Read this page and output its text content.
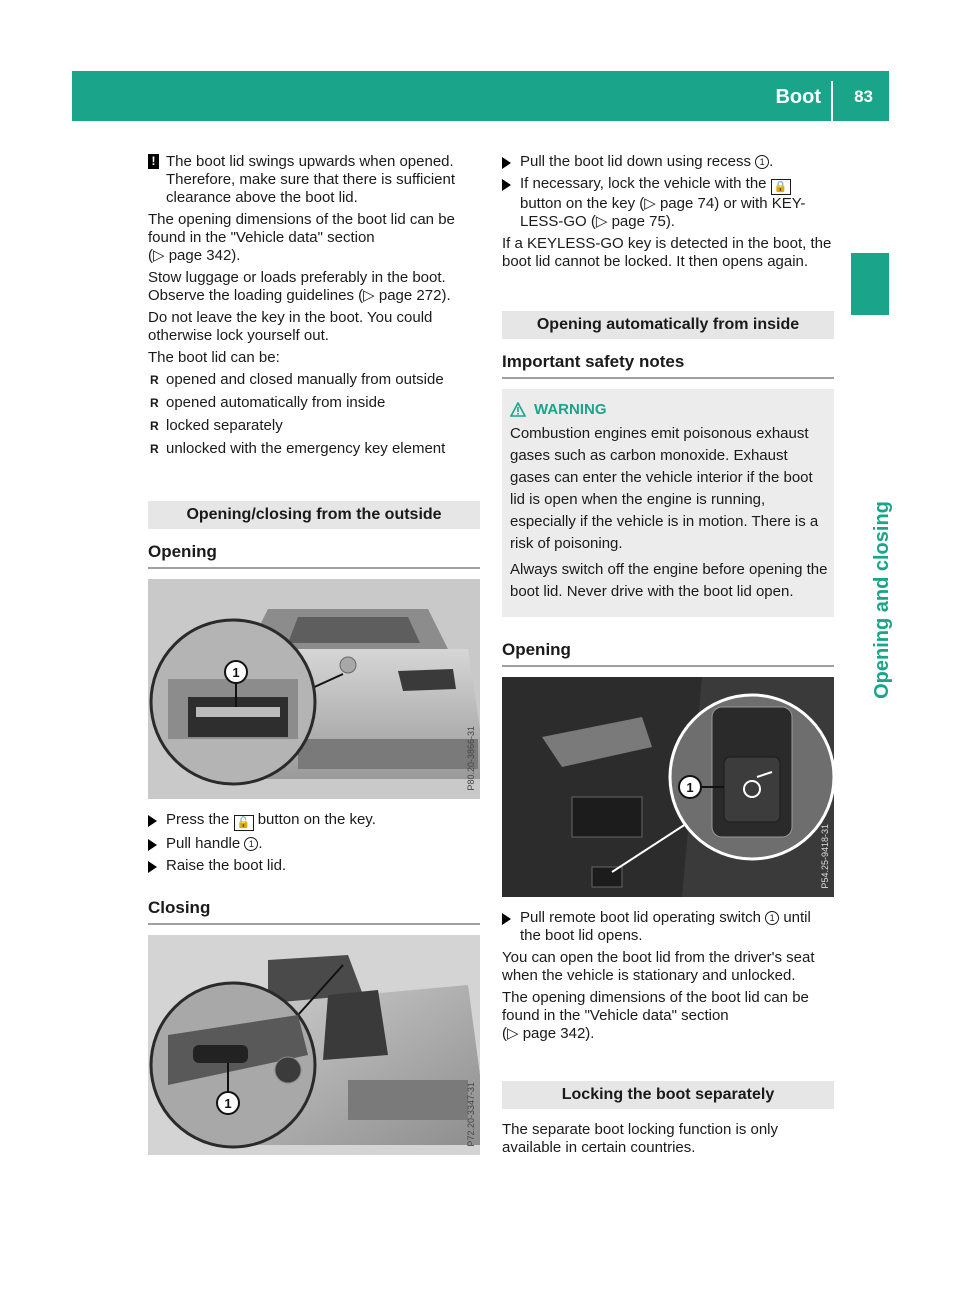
Boot 83
Opening and closing
! The boot lid swings upwards when opened. Therefore, make sure that there is sufficient clearance above the boot lid.

The opening dimensions of the boot lid can be found in the "Vehicle data" section
(▷ page 342).

Stow luggage or loads preferably in the boot. Observe the loading guidelines (▷ page 272).

Do not leave the key in the boot. You could otherwise lock yourself out.

The boot lid can be:

R opened and closed manually from outside
R opened automatically from inside
R locked separately
R unlocked with the emergency key element
Opening/closing from the outside
Opening
1
P80.20-3866-31
Press the 🔓 button on the key.
Pull handle 1 .
Raise the boot lid.
Closing
1	P72.20-3347-31
Pull the boot lid down using recess 1 .
If necessary, lock the vehicle with the 🔒 button on the key (▷ page 74) or with KEY-LESS-GO (▷ page 75).

If a KEYLESS-GO key is detected in the boot, the boot lid cannot be locked. It then opens again.

Opening automatically from inside
Important safety notes
WARNING

Combustion engines emit poisonous exhaust gases such as carbon monoxide. Exhaust gases can enter the vehicle interior if the boot lid is open when the engine is running, especially if the vehicle is in motion. There is a risk of poisoning.

Always switch off the engine before opening the boot lid. Never drive with the boot lid open.

Opening
1
P54.25-9418-31
Pull remote boot lid operating switch 1 until the boot lid opens.

You can open the boot lid from the driver's seat when the vehicle is stationary and unlocked.

The opening dimensions of the boot lid can be found in the "Vehicle data" section
(▷ page 342).

Locking the boot separately

The separate boot locking function is only available in certain countries.
